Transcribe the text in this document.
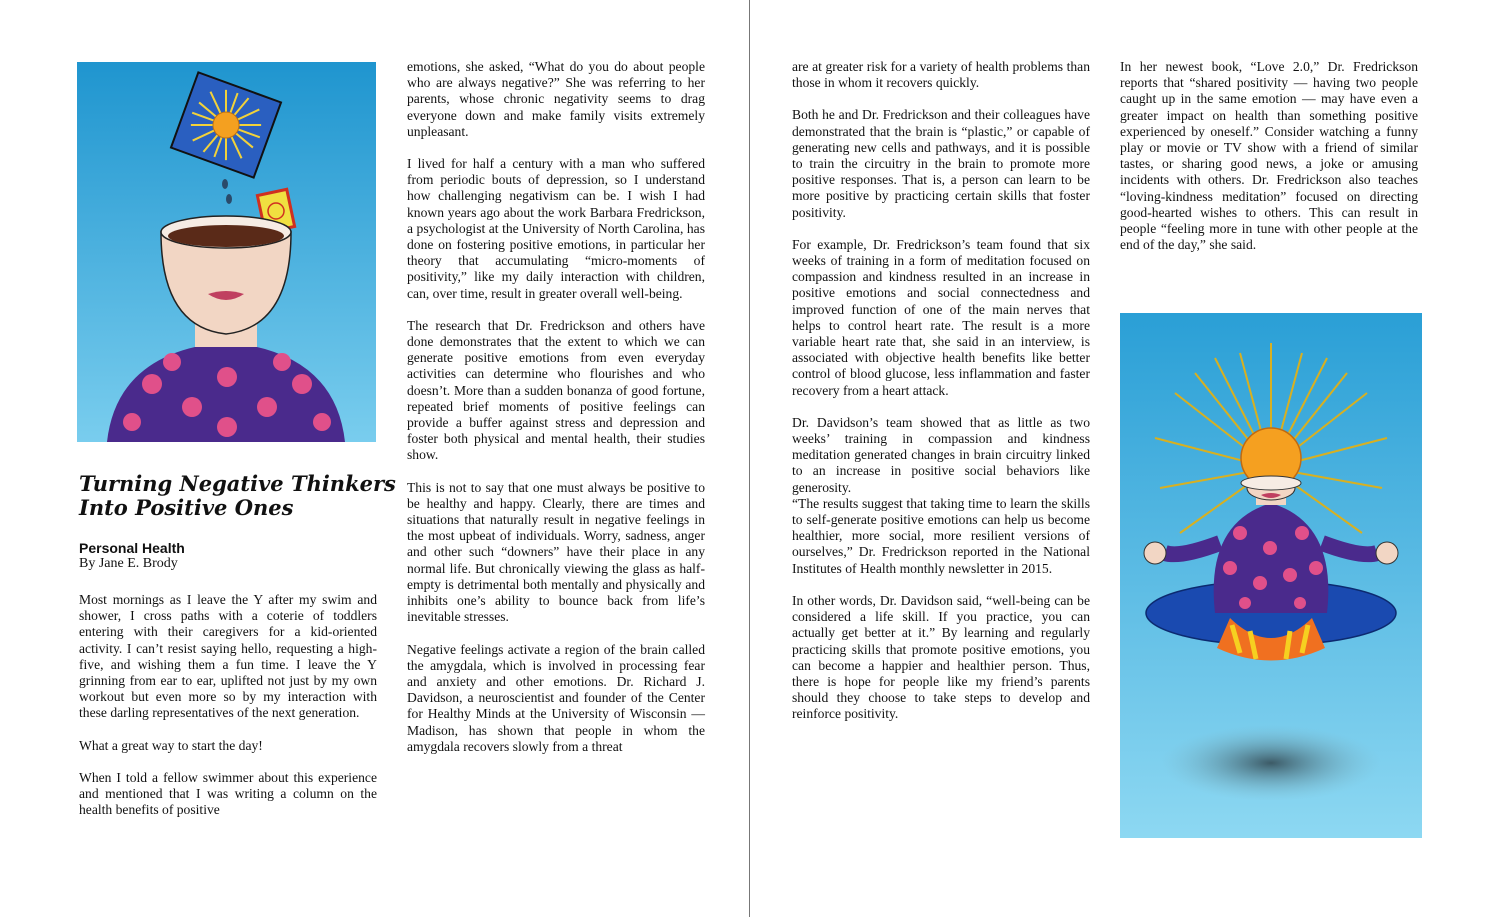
Turning Negative Thinkers Into Positive Ones
Personal Health
By Jane E. Brody

Most mornings as I leave the Y after my swim and shower, I cross paths with a coterie of toddlers entering with their caregivers for a kid-oriented activity. I can’t resist saying hello, requesting a high-five, and wishing them a fun time. I leave the Y grinning from ear to ear, uplifted not just by my own workout but even more so by my interaction with these darling representatives of the next generation.

What a great way to start the day!

When I told a fellow swimmer about this experience and mentioned that I was writing a column on the health benefits of positive

emotions, she asked, “What do you do about people who are always negative?” She was referring to her parents, whose chronic negativity seems to drag everyone down and make family visits extremely unpleasant.

I lived for half a century with a man who suffered from periodic bouts of depression, so I understand how challenging negativism can be. I wish I had known years ago about the work Barbara Fredrickson, a psychologist at the University of North Carolina, has done on fostering positive emotions, in particular her theory that accumulating “micro-moments of positivity,” like my daily interaction with children, can, over time, result in greater overall well-being.

The research that Dr. Fredrickson and others have done demonstrates that the extent to which we can generate positive emotions from even everyday activities can determine who flourishes and who doesn’t. More than a sudden bonanza of good fortune, repeated brief moments of positive feelings can provide a buffer against stress and depression and foster both physical and mental health, their studies show.

This is not to say that one must always be positive to be healthy and happy. Clearly, there are times and situations that naturally result in negative feelings in the most upbeat of individuals. Worry, sadness, anger and other such “downers” have their place in any normal life. But chronically viewing the glass as half-empty is detrimental both mentally and physically and inhibits one’s ability to bounce back from life’s inevitable stresses.

Negative feelings activate a region of the brain called the amygdala, which is involved in processing fear and anxiety and other emotions. Dr. Richard J. Davidson, a neuroscientist and founder of the Center for Healthy Minds at the University of Wisconsin — Madison, has shown that people in whom the amygdala recovers slowly from a threat

are at greater risk for a variety of health problems than those in whom it recovers quickly.

Both he and Dr. Fredrickson and their colleagues have demonstrated that the brain is “plastic,” or capable of generating new cells and pathways, and it is possible to train the circuitry in the brain to promote more positive responses. That is, a person can learn to be more positive by practicing certain skills that foster positivity.

For example, Dr. Fredrickson’s team found that six weeks of training in a form of meditation focused on compassion and kindness resulted in an increase in positive emotions and social connectedness and improved function of one of the main nerves that helps to control heart rate. The result is a more variable heart rate that, she said in an interview, is associated with objective health benefits like better control of blood glucose, less inflammation and faster recovery from a heart attack.

Dr. Davidson’s team showed that as little as two weeks’ training in compassion and kindness meditation generated changes in brain circuitry linked to an increase in positive social behaviors like generosity.

“The results suggest that taking time to learn the skills to self-generate positive emotions can help us become healthier, more social, more resilient versions of ourselves,” Dr. Fredrickson reported in the National Institutes of Health monthly newsletter in 2015.

In other words, Dr. Davidson said, “well-being can be considered a life skill. If you practice, you can actually get better at it.” By learning and regularly practicing skills that promote positive emotions, you can become a happier and healthier person. Thus, there is hope for people like my friend’s parents should they choose to take steps to develop and reinforce positivity.

In her newest book, “Love 2.0,” Dr. Fredrickson reports that “shared positivity — having two people caught up in the same emotion — may have even a greater impact on health than something positive experienced by oneself.” Consider watching a funny play or movie or TV show with a friend of similar tastes, or sharing good news, a joke or amusing incidents with others. Dr. Fredrickson also teaches “loving-kindness meditation” focused on directing good-hearted wishes to others. This can result in people “feeling more in tune with other people at the end of the day,” she said.
